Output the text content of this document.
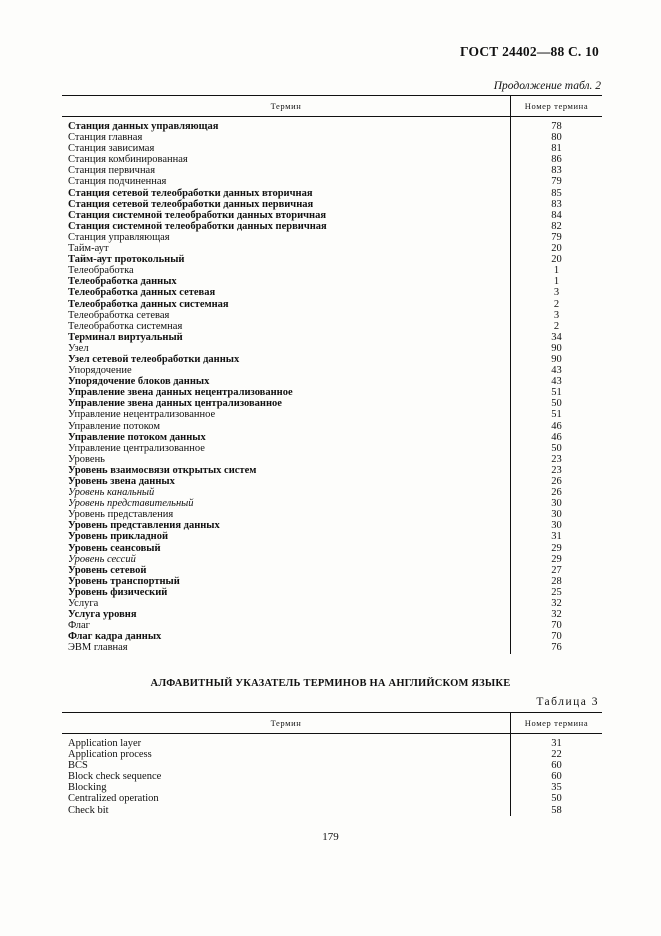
ГОСТ 24402—88 С. 10
Продолжение табл. 2
Термин	Номер термина
Станция данных управляющая	78
Станция главная	80
Станция зависимая	81
Станция комбинированная	86
Станция первичная	83
Станция подчиненная	79
Станция сетевой телеобработки данных вторичная	85
Станция сетевой телеобработки данных первичная	83
Станция системной телеобработки данных вторичная	84
Станция системной телеобработки данных первичная	82
Станция управляющая	79
Тайм-аут	20
Тайм-аут протокольный	20
Телеобработка	1
Телеобработка данных	1
Телеобработка данных сетевая	3
Телеобработка данных системная	2
Телеобработка сетевая	3
Телеобработка системная	2
Терминал виртуальный	34
Узел	90
Узел сетевой телеобработки данных	90
Упорядочение	43
Упорядочение блоков данных	43
Управление звена данных нецентрализованное	51
Управление звена данных централизованное	50
Управление нецентрализованное	51
Управление потоком	46
Управление потоком данных	46
Управление централизованное	50
Уровень	23
Уровень взаимосвязи открытых систем	23
Уровень звена данных	26
Уровень канальный	26
Уровень представительный	30
Уровень представления	30
Уровень представления данных	30
Уровень прикладной	31
Уровень сеансовый	29
Уровень сессий	29
Уровень сетевой	27
Уровень транспортный	28
Уровень физический	25
Услуга	32
Услуга уровня	32
Флаг	70
Флаг кадра данных	70
ЭВМ главная	76
АЛФАВИТНЫЙ УКАЗАТЕЛЬ ТЕРМИНОВ НА АНГЛИЙСКОМ ЯЗЫКЕ
Таблица 3
Термин	Номер термина
Application layer	31
Application process	22
BCS	60
Block check sequence	60
Blocking	35
Centralized operation	50
Check bit	58
179
